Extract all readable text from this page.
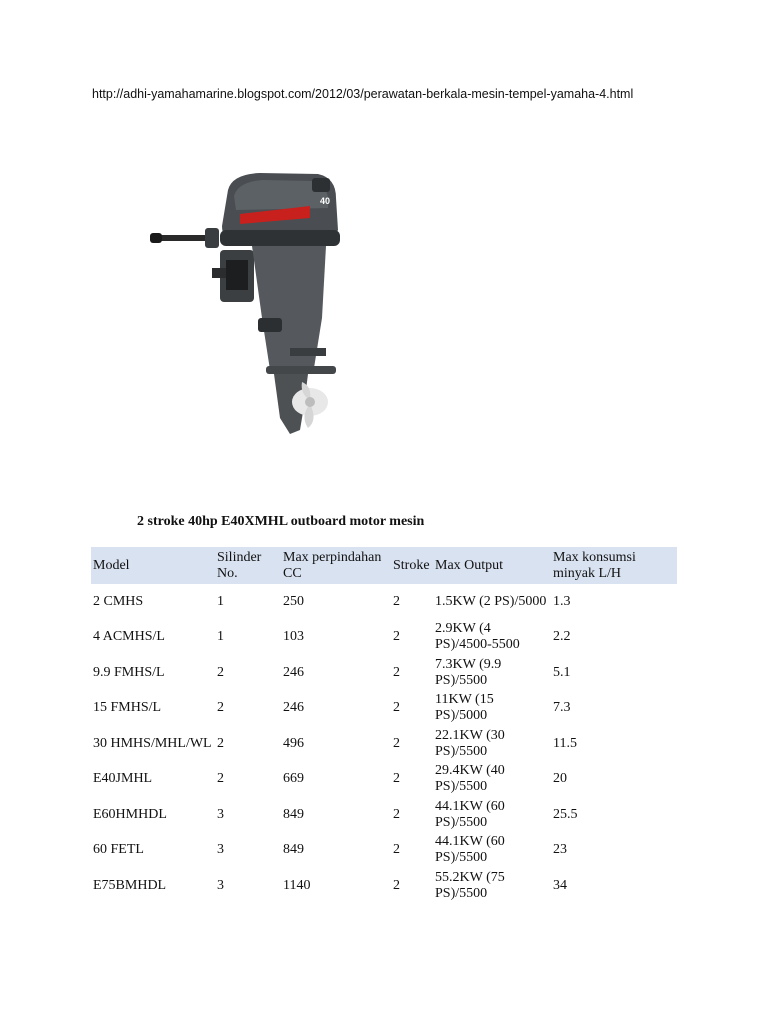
http://adhi-yamahamarine.blogspot.com/2012/03/perawatan-berkala-mesin-tempel-yamaha-4.html
40
2 stroke 40hp E40XMHL outboard motor mesin
Model	Silinder No.	Max perpindahan CC	Stroke	Max Output	Max konsumsi minyak L/H
2 CMHS	1	250	2	1.5KW (2 PS)/5000	1.3
4 ACMHS/L	1	103	2	2.9KW (4 PS)/4500-5500	2.2
9.9 FMHS/L	2	246	2	7.3KW (9.9 PS)/5500	5.1
15 FMHS/L	2	246	2	11KW (15 PS)/5000	7.3
30 HMHS/MHL/WL	2	496	2	22.1KW (30 PS)/5500	11.5
E40JMHL	2	669	2	29.4KW (40 PS)/5500	20
E60HMHDL	3	849	2	44.1KW (60 PS)/5500	25.5
60 FETL	3	849	2	44.1KW (60 PS)/5500	23
E75BMHDL	3	1140	2	55.2KW (75 PS)/5500	34
